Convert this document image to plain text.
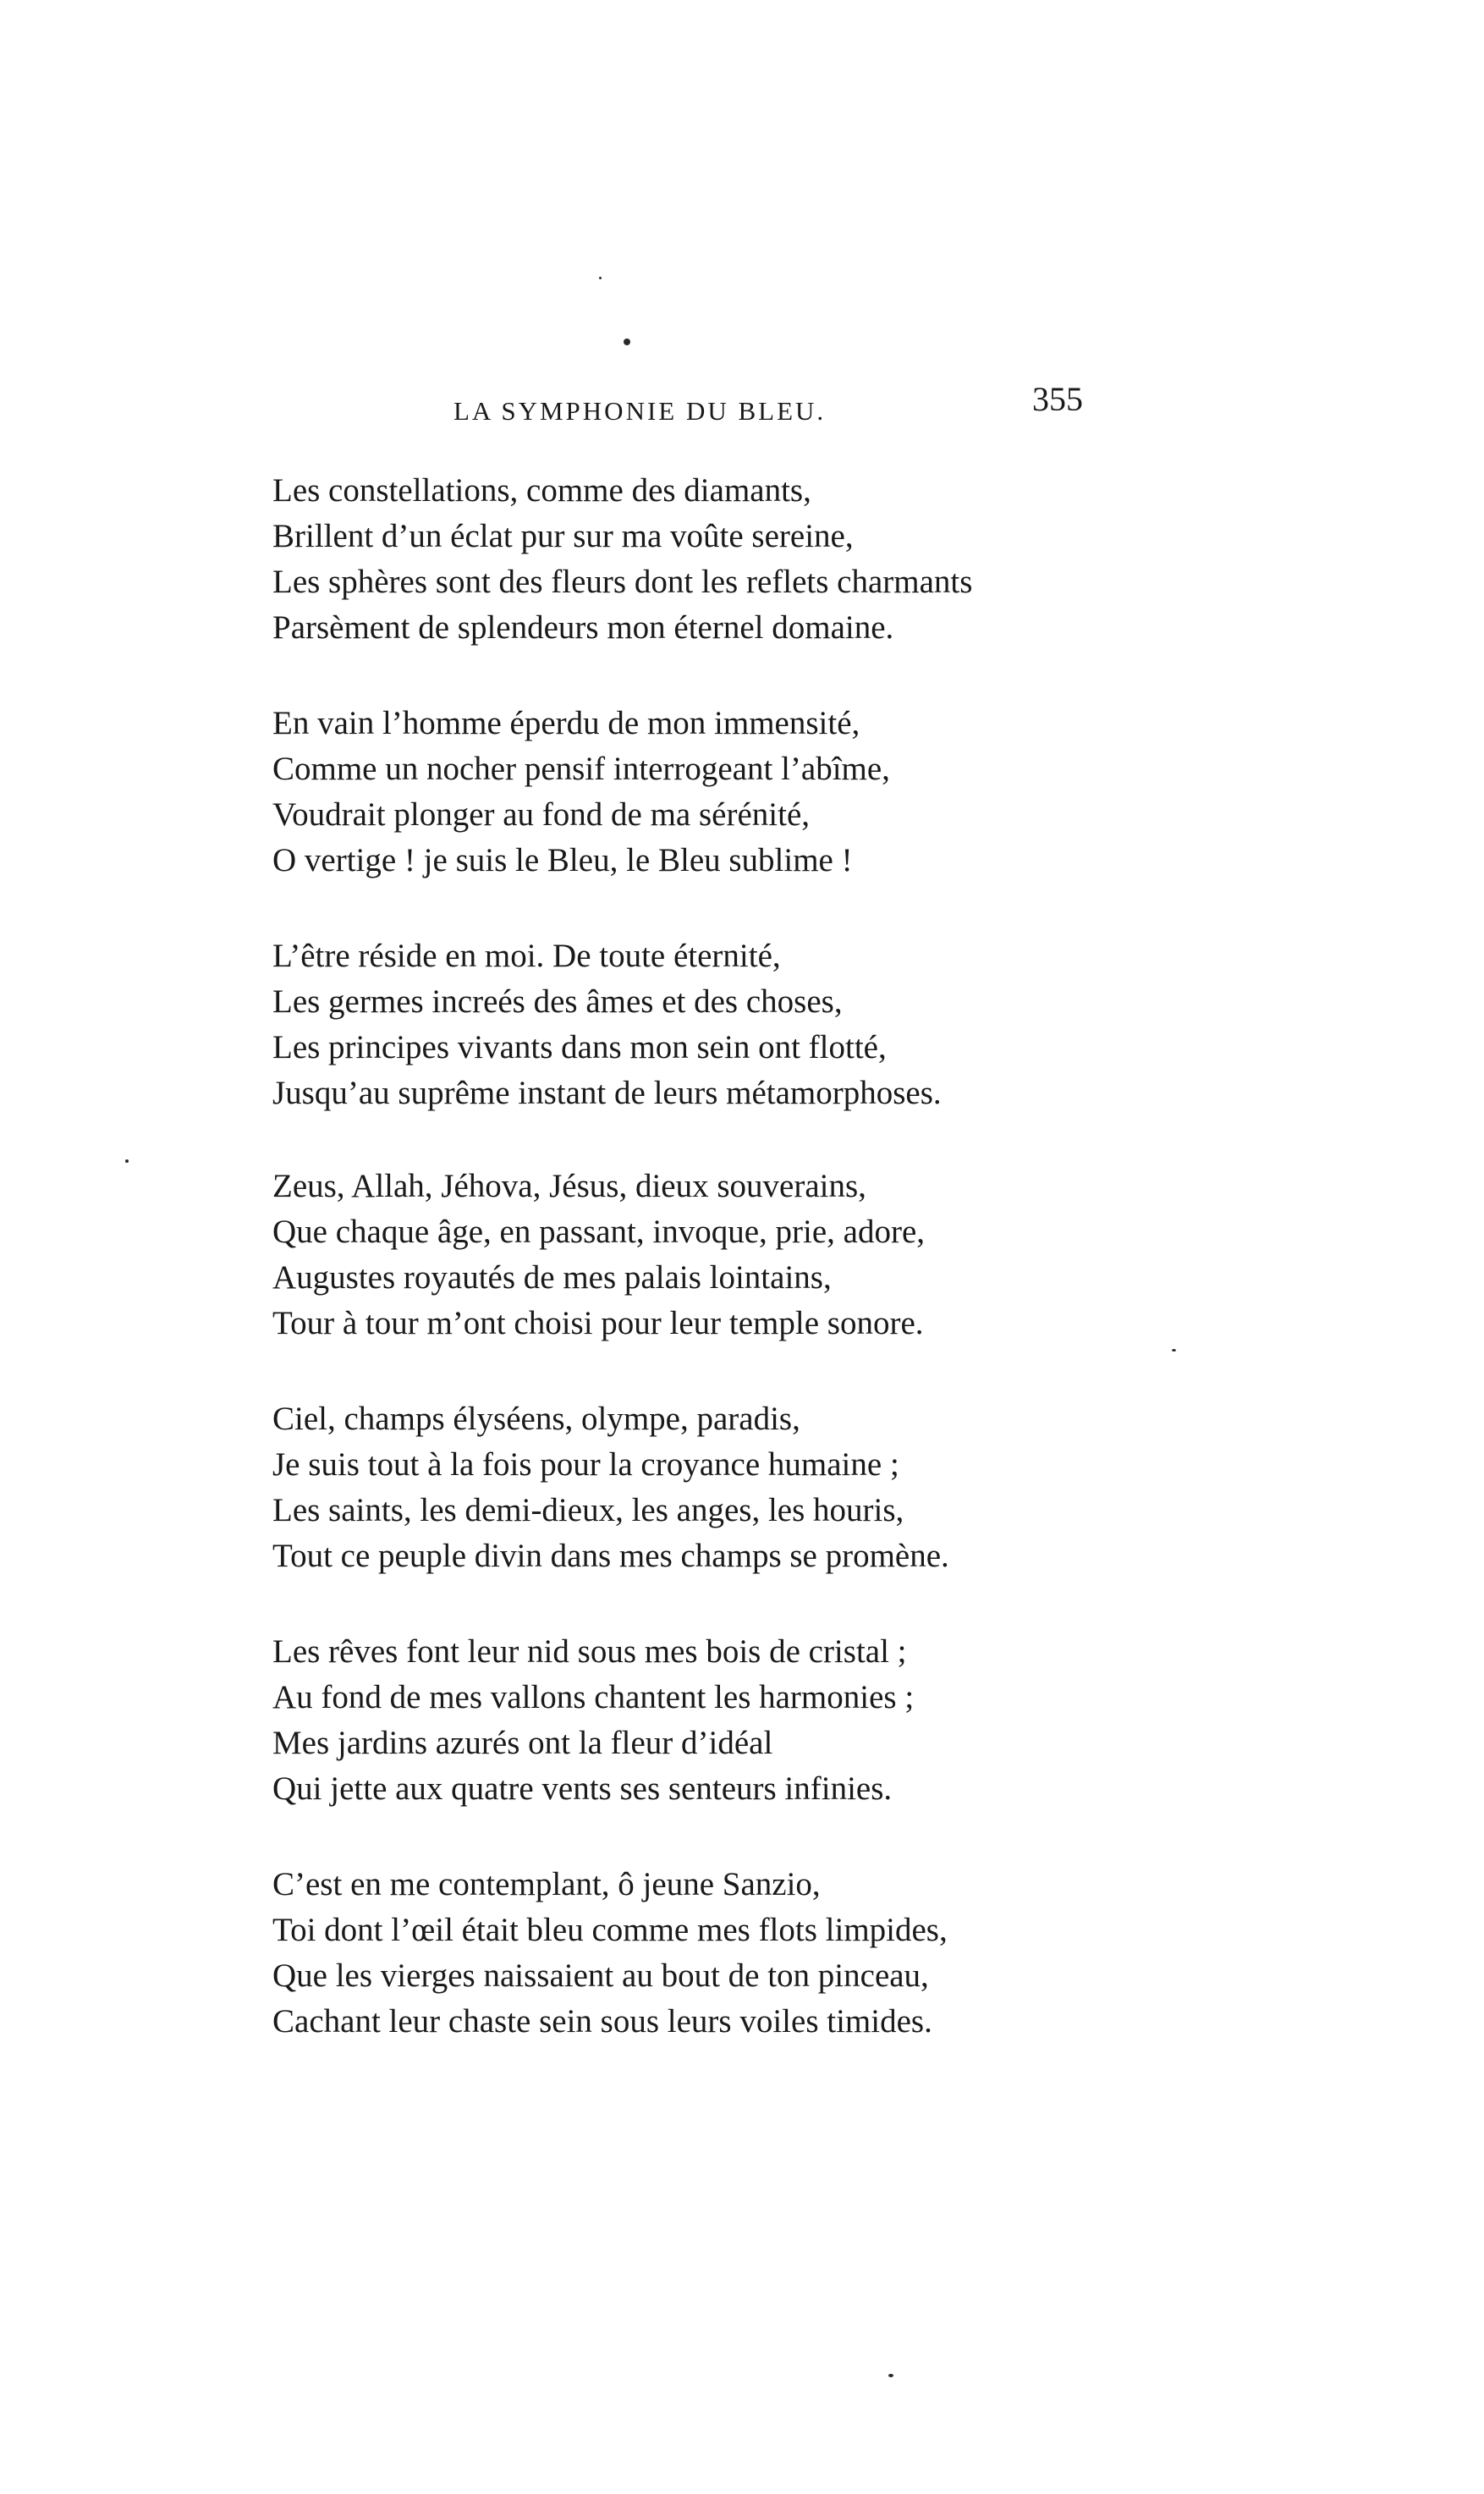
LA SYMPHONIE DU BLEU.	355
Les constellations, comme des diamants,
Brillent d’un éclat pur sur ma voûte sereine,
Les sphères sont des fleurs dont les reflets charmants
Parsèment de splendeurs mon éternel domaine.
En vain l’homme éperdu de mon immensité,
Comme un nocher pensif interrogeant l’abîme,
Voudrait plonger au fond de ma sérénité,
O vertige ! je suis le Bleu, le Bleu sublime !
L’être réside en moi. De toute éternité,
Les germes increés des âmes et des choses,
Les principes vivants dans mon sein ont flotté,
Jusqu’au suprême instant de leurs métamorphoses.
Zeus, Allah, Jéhova, Jésus, dieux souverains,
Que chaque âge, en passant, invoque, prie, adore,
Augustes royautés de mes palais lointains,
Tour à tour m’ont choisi pour leur temple sonore.
Ciel, champs élyséens, olympe, paradis,
Je suis tout à la fois pour la croyance humaine ;
Les saints, les demi-dieux, les anges, les houris,
Tout ce peuple divin dans mes champs se promène.
Les rêves font leur nid sous mes bois de cristal ;
Au fond de mes vallons chantent les harmonies ;
Mes jardins azurés ont la fleur d’idéal
Qui jette aux quatre vents ses senteurs infinies.
C’est en me contemplant, ô jeune Sanzio,
Toi dont l’œil était bleu comme mes flots limpides,
Que les vierges naissaient au bout de ton pinceau,
Cachant leur chaste sein sous leurs voiles timides.
